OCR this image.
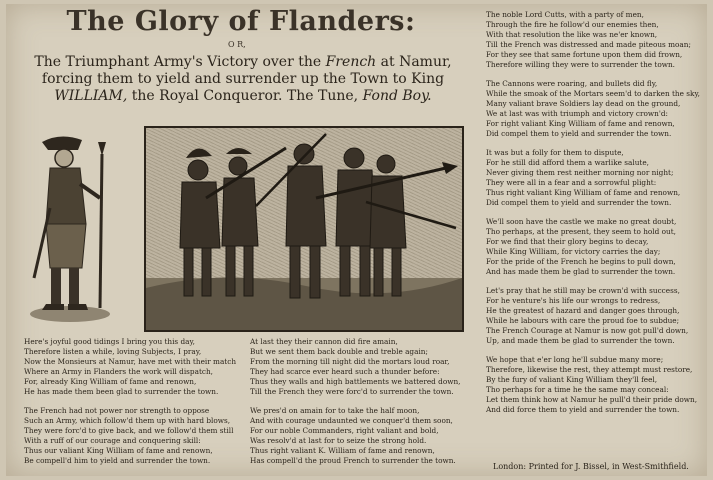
The Glory of Flanders:
O R,
The Triumphant Army's Victory over the French at Namur, forcing them to yield and surrender up the Town to King WILLIAM, the Royal Conqueror. The Tune, Fond Boy.
The noble Lord Cutts, with a party of men,
Through the fire he follow'd our enemies then,
With that resolution the like was ne'er known,
Till the French was distressed and made piteous moan;
For they see that same fortune upon them did frown,
Therefore willing they were to surrender the town.
The Cannons were roaring, and bullets did fly,
While the smoak of the Mortars seem'd to darken the sky,
Many valiant brave Soldiers lay dead on the ground,
We at last was with triumph and victory crown'd:
For right valiant King William of fame and renown,
Did compel them to yield and surrender the town.
It was but a folly for them to dispute,
For he still did afford them a warlike salute,
Never giving them rest neither morning nor night;
They were all in a fear and a sorrowful plight:
Thus right valiant King William of fame and renown,
Did compel them to yield and surrender the town.
We'll soon have the castle we make no great doubt,
Tho perhaps, at the present, they seem to hold out,
For we find that their glory begins to decay,
While King William, for victory carries the day;
For the pride of the French he begins to pull down,
And has made them be glad to surrender the town.
Let's pray that he still may be crown'd with success,
For he venture's his life our wrongs to redress,
He the greatest of hazard and danger goes through,
While he labours with care the proud foe to subdue;
The French Courage at Namur is now got pull'd down,
Up, and made them be glad to surrender the town.
We hope that e'er long he'll subdue many more;
Therefore, likewise the rest, they attempt must restore,
By the fury of valiant King William they'll feel,
Tho perhaps for a time he the same may conceal:
Let them think how at Namur he pull'd their pride down,
And did force them to yield and surrender the town.
Here's joyful good tidings I bring you this day,
Therefore listen a while, loving Subjects, I pray,
Now the Monsieurs at Namur, have met with their match
Where an Army in Flanders the work will dispatch,
For, already King William of fame and renown,
He has made them been glad to surrender the town.
The French had not power nor strength to oppose
Such an Army, which follow'd them up with hard blows,
They were forc'd to give back, and we follow'd them still
With a ruff of our courage and conquering skill:
Thus our valiant King William of fame and renown,
Be compell'd him to yield and surrender the town.
At last they their cannon did fire amain,
But we sent them back double and treble again;
From the morning till night did the mortars loud roar,
They had scarce ever heard such a thunder before:
Thus they walls and high battlements we battered down,
Till the French they were forc'd to surrender the town.
We pres'd on amain for to take the half moon,
And with courage undaunted we conquer'd them soon,
For our noble Commanders, right valiant and bold,
Was resolv'd at last for to seize the strong hold.
Thus right valiant K. William of fame and renown,
Has compell'd the proud French to surrender the town.
London: Printed for J. Bissel, in West-Smithfield.
